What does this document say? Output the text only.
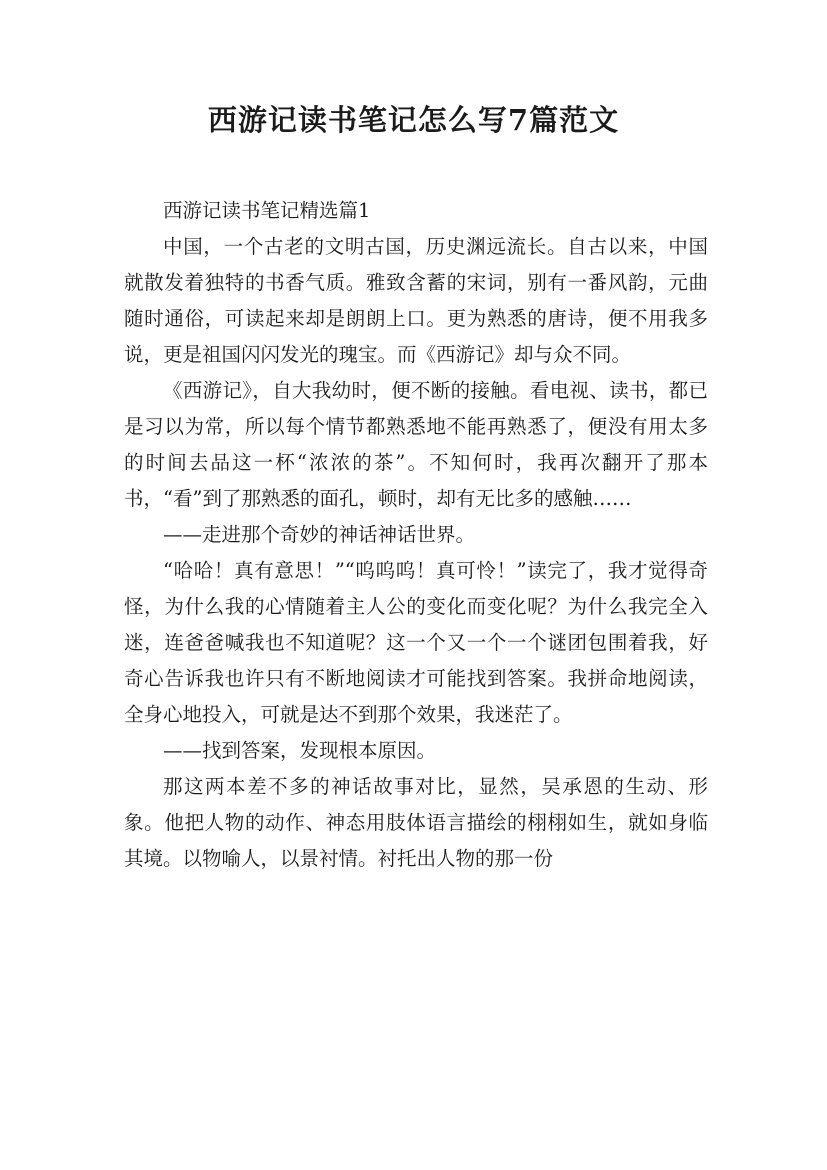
西游记读书笔记怎么写7篇范文

西游记读书笔记精选篇1

中国，一个古老的文明古国，历史渊远流长。自古以来，中国就散发着独特的书香气质。雅致含蓄的宋词，别有一番风韵，元曲随时通俗，可读起来却是朗朗上口。更为熟悉的唐诗，便不用我多说，更是祖国闪闪发光的瑰宝。而《西游记》却与众不同。

《西游记》，自大我幼时，便不断的接触。看电视、读书，都已是习以为常，所以每个情节都熟悉地不能再熟悉了，便没有用太多的时间去品这一杯“浓浓的茶”。不知何时，我再次翻开了那本书，“看”到了那熟悉的面孔，顿时，却有无比多的感触……

——走进那个奇妙的神话神话世界。

“哈哈！真有意思！”“呜呜呜！真可怜！”读完了，我才觉得奇怪，为什么我的心情随着主人公的变化而变化呢？为什么我完全入迷，连爸爸喊我也不知道呢？这一个又一个一个谜团包围着我，好奇心告诉我也许只有不断地阅读才可能找到答案。我拼命地阅读，全身心地投入，可就是达不到那个效果，我迷茫了。

——找到答案，发现根本原因。

那这两本差不多的神话故事对比，显然，吴承恩的生动、形象。他把人物的动作、神态用肢体语言描绘的栩栩如生，就如身临其境。以物喻人，以景衬情。衬托出人物的那一份
